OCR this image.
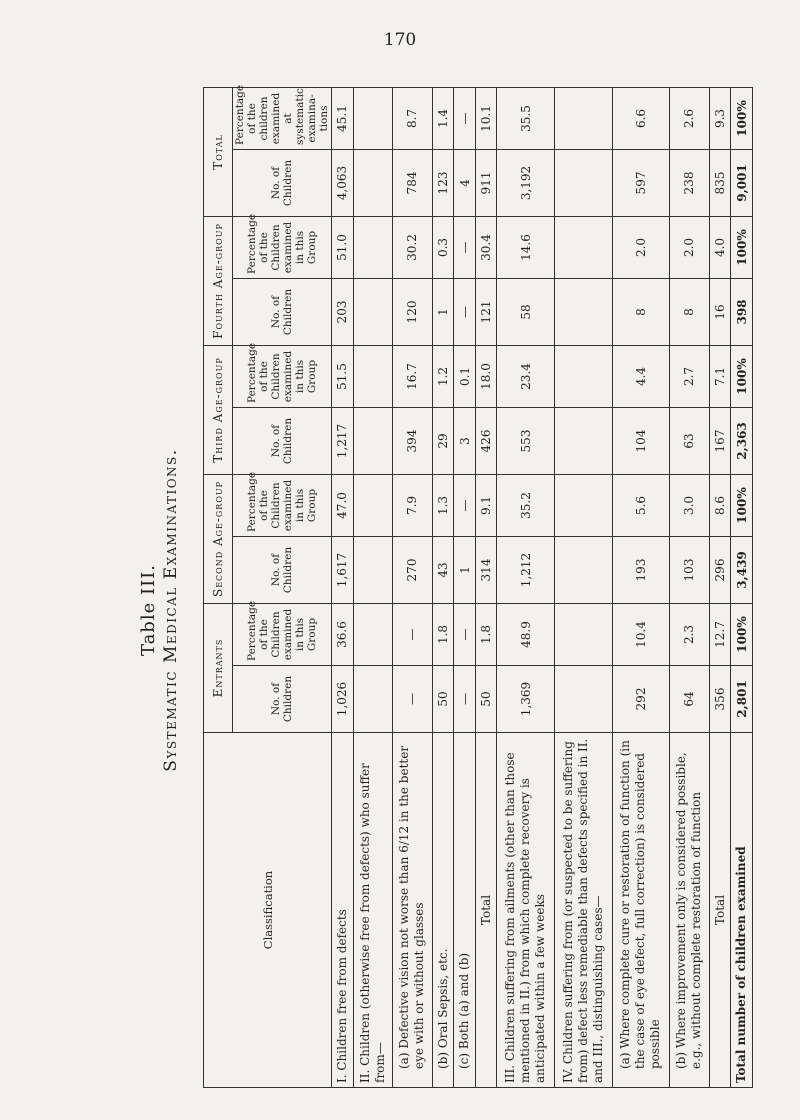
170
Table III. Systematic Medical Examinations.
Classification	Entrants		Second Age-group		Third Age-group		Fourth Age-group		Total	
	No. of Children	Percentage of the Children examined in this Group	No. of Children	Percentage of the Children examined in this Group	No. of Children	Percentage of the Children examined in this Group	No. of Children	Percentage of the Children examined in this Group	No. of Children	Percentage of the children examined at systematic examina- tions
I. Children free from defects	1,026	36.6	1,617	47.0	1,217	51.5	203	51.0	4,063	45.1
II. Children (otherwise free from defects) who suffer from—										
(a) Defective vision not worse than 6/12 in the better eye with or without glasses	—	—	270	7.9	394	16.7	120	30.2	784	8.7
(b) Oral Sepsis, etc.	50	1.8	43	1.3	29	1.2	1	0.3	123	1.4
(c) Both (a) and (b)	—	—	1	—	3	0.1	—	—	4	—
Total	50	1.8	314	9.1	426	18.0	121	30.4	911	10.1
III. Children suffering from ailments (other than those mentioned in II.) from which complete recovery is anticipated within a few weeks	1,369	48.9	1,212	35.2	553	23.4	58	14.6	3,192	35.5
IV. Children suffering from (or suspected to be suffering from) defect less remediable than defects specified in II. and III., distinguishing cases—										
(a) Where complete cure or restoration of function (in the case of eye defect, full correction) is considered possible	292	10.4	193	5.6	104	4.4	8	2.0	597	6.6
(b) Where improvement only is considered possible, e.g., without complete restoration of function	64	2.3	103	3.0	63	2.7	8	2.0	238	2.6
Total	356	12.7	296	8.6	167	7.1	16	4.0	835	9.3
Total number of children examined	2,801	100%	3,439	100%	2,363	100%	398	100%	9,001	100%
